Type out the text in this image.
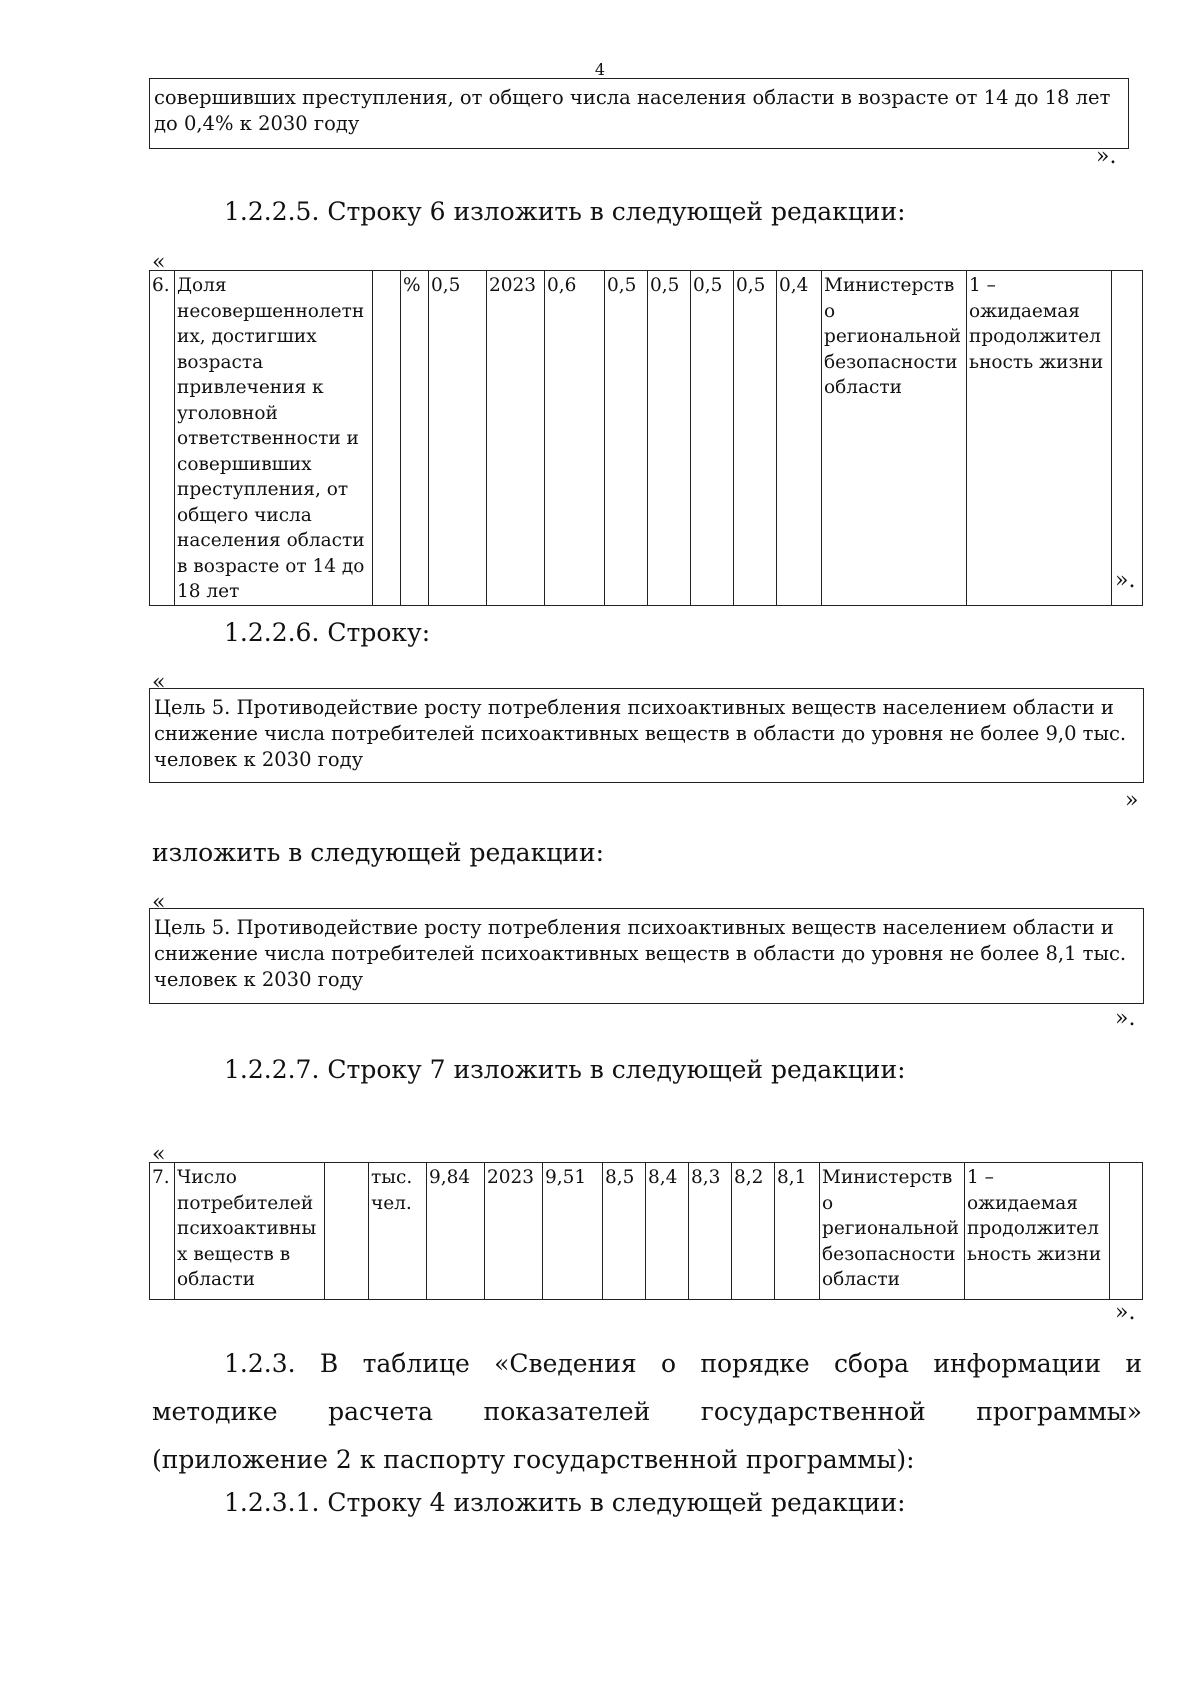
4
совершивших преступления, от общего числа населения области в возрасте от 14 до 18 лет до 0,4% к 2030 году
».
1.2.2.5. Строку 6 изложить в следующей редакции:
«
6.	Доля несовершеннолетних, достигших возраста привлечения к уголовной ответственности и совершивших преступления, от общего числа населения области в возрасте от 14 до 18 лет		%	0,5	2023	0,6	0,5	0,5	0,5	0,5	0,4	Министерство региональной безопасности области	1 – ожидаемая продолжительность жизни	
».
1.2.2.6. Строку:
«
Цель 5. Противодействие росту потребления психоактивных веществ населением области и снижение числа потребителей психоактивных веществ в области до уровня не более 9,0 тыс. человек к 2030 году
»
изложить в следующей редакции:
«
Цель 5. Противодействие росту потребления психоактивных веществ населением области и снижение числа потребителей психоактивных веществ в области до уровня не более 8,1 тыс. человек к 2030 году
».
1.2.2.7. Строку 7 изложить в следующей редакции:
«
7.	Число потребителей психоактивных веществ в области		тыс. чел.	9,84	2023	9,51	8,5	8,4	8,3	8,2	8,1	Министерство региональной безопасности области	1 – ожидаемая продолжительность жизни	
».
1.2.3. В таблице «Сведения о порядке сбора информации и методике расчета показателей государственной программы» (приложение 2 к паспорту государственной программы):
1.2.3.1. Строку 4 изложить в следующей редакции:
